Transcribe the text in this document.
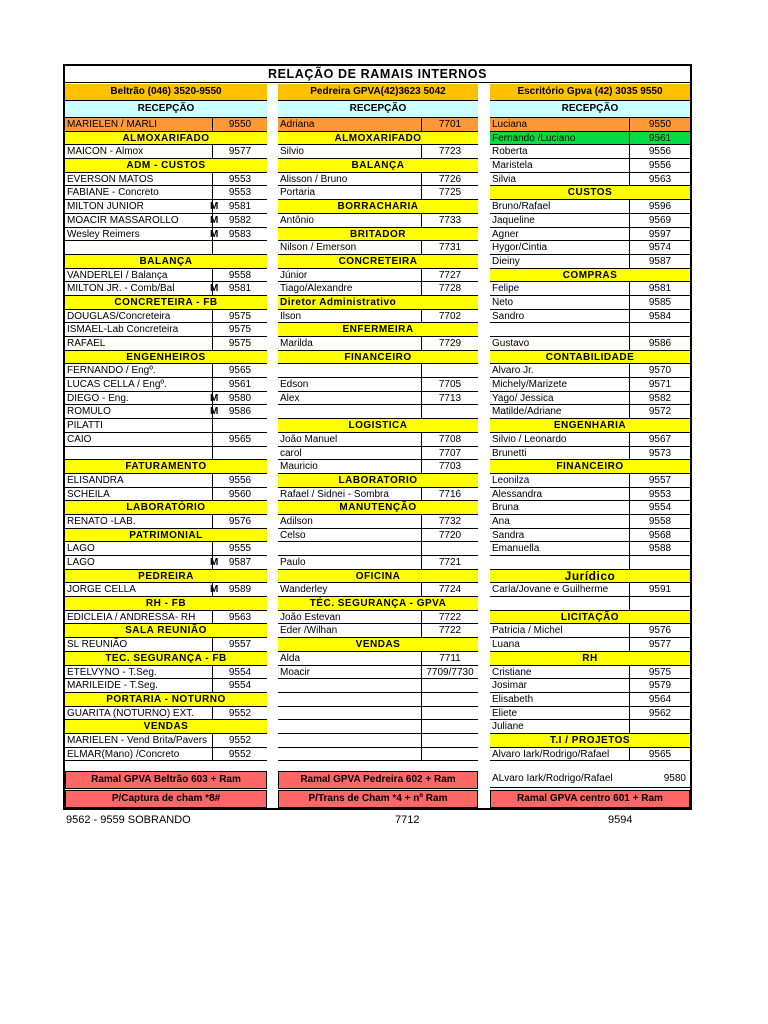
RELAÇÃO DE RAMAIS INTERNOS
Beltrão (046) 3520-9550
RECEPÇÃO
MARIELEN / MARLI	9550
ALMOXARIFADO
MAICON - Almox	9577
ADM - CUSTOS
EVERSON MATOS	9553
FABIANE - Concreto	9553
MILTON JUNIOR	M	9581
MOACIR MASSAROLLO	M	9582
Wesley Reimers	M	9583
BALANÇA
VANDERLEI / Balança	9558
MILTON JR. - Comb/Bal	M	9581
CONCRETEIRA - FB
DOUGLAS/Concreteira	9575
ISMAEL-Lab Concreteira	9575
RAFAEL	9575
ENGENHEIROS
FERNANDO / Engº.	9565
LUCAS CELLA / Engº.	9561
DIEGO - Eng.	M	9580
ROMULO	M	9586
PILATTI
CAIO	9565
FATURAMENTO
ELISANDRA	9556
SCHEILA	9560
LABORATÓRIO
RENATO -LAB.	9576
PATRIMONIAL
LAGO	9555
LAGO	M	9587
PEDREIRA
JORGE CELLA	M	9589
RH - FB
EDICLEIA / ANDRESSA- RH	9563
SALA REUNIÃO
SL REUNIÃO	9557
TEC. SEGURANÇA - FB
ETELVYNO - T.Seg.	9554
MARILEIDE - T.Seg.	9554
PORTARIA - NOTURNO
GUARITA (NOTURNO) EXT.	9552
VENDAS
MARIELEN - Vend Brita/Pavers	9552
ELMAR(Mano) /Concreto	9552
Pedreira GPVA(42)3623 5042
RECEPÇÃO
Adriana	7701
ALMOXARIFADO
Silvio	7723
BALANÇA
Alisson / Bruno	7726
Portaria	7725
BORRACHARIA
Antônio	7733
BRITADOR
Nilson / Emerson	7731
CONCRETEIRA
Júnior	7727
Tiago/Alexandre	7728
Diretor Administrativo
Ilson	7702
ENFERMEIRA
Marilda	7729
FINANCEIRO
Edson	7705
Alex	7713
LOGISTICA
João Manuel	7708
carol	7707
Mauricio	7703
LABORATORIO
Rafael / Sidnei - Sombra	7716
MANUTENÇÃO
Adilson	7732
Celso	7720
Paulo	7721
OFICINA
Wanderley	7724
TÉC. SEGURANÇA - GPVA
João Estevan	7722
Eder /Wilhan	7722
VENDAS
Alda	7711
Moacir	7709/7730
Escritório Gpva (42) 3035 9550
RECEPÇÃO
Luciana	9550
Fernando /Luciano	9561
Roberta	9556
Maristela	9556
Silvia	9563
CUSTOS
Bruno/Rafael	9596
Jaqueline	9569
Agner	9597
Hygor/Cintia	9574
Dieiny	9587
COMPRAS
Felipe	9581
Neto	9585
Sandro	9584
Gustavo	9586
CONTABILIDADE
Alvaro Jr.	9570
Michely/Marizete	9571
Yago/ Jessica	9582
Matilde/Adriane	9572
ENGENHARIA
Silvio / Leonardo	9567
Brunetti	9573
FINANCEIRO
Leonilza	9557
Alessandra	9553
Bruna	9554
Ana	9558
Sandra	9568
Emanuella	9588
Jurídico
Carla/Jovane e Guilherme	9591
LICITAÇÃO
Patricia / Michel	9576
Luana	9577
RH
Cristiane	9575
Josimar	9579
Elisabeth	9564
Eliete	9562
Juliane
T.I / PROJETOS
Alvaro Iark/Rodrigo/Rafael	9565
Ramal GPVA Beltrão 603 + Ram
P/Captura de cham *8#
Ramal GPVA Pedreira 602 + Ram
P/Trans de Cham *4 + nº Ram
ALvaro Iark/Rodrigo/Rafael	9580
Ramal GPVA centro 601 + Ram
9562 - 9559 SOBRANDO	7712	9594
